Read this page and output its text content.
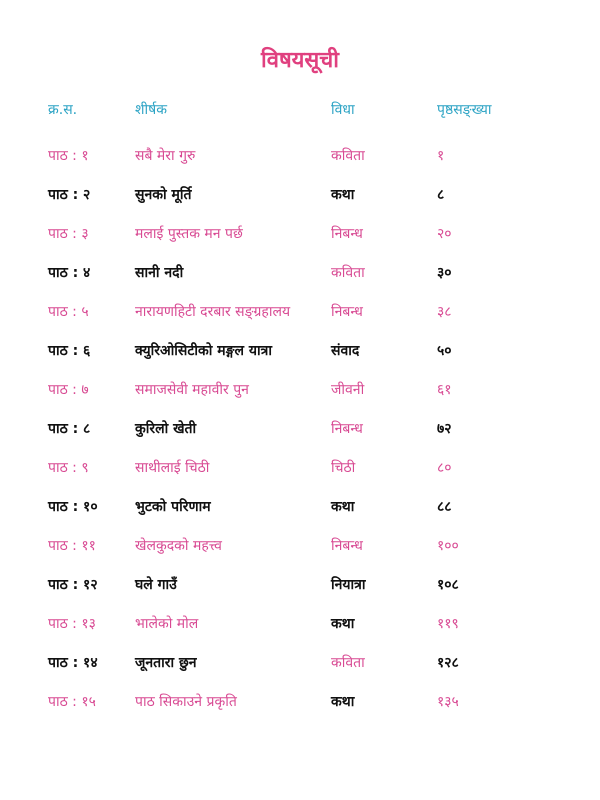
विषयसूची
क्र.स.	शीर्षक	विधा	पृष्ठसङ्ख्या
पाठ : १	सबै मेरा गुरु	कविता	१
पाठ : २	सुनको मूर्ति	कथा	८
पाठ : ३	मलाई पुस्तक मन पर्छ	निबन्ध	२०
पाठ : ४	सानी नदी	कविता	३०
पाठ : ५	नारायणहिटी दरबार सङ्ग्रहालय	निबन्ध	३८
पाठ : ६	क्युरिओसिटीको मङ्गल यात्रा	संवाद	५०
पाठ : ७	समाजसेवी महावीर पुन	जीवनी	६१
पाठ : ८	कुरिलो खेती	निबन्ध	७२
पाठ : ९	साथीलाई चिठी	चिठी	८०
पाठ : १०	भुटको परिणाम	कथा	८८
पाठ : ११	खेलकुदको महत्त्व	निबन्ध	१००
पाठ : १२	घले गाउँ	नियात्रा	१०८
पाठ : १३	भालेको मोल	कथा	११९
पाठ : १४	जूनतारा छुन	कविता	१२८
पाठ : १५	पाठ सिकाउने प्रकृति	कथा	१३५
